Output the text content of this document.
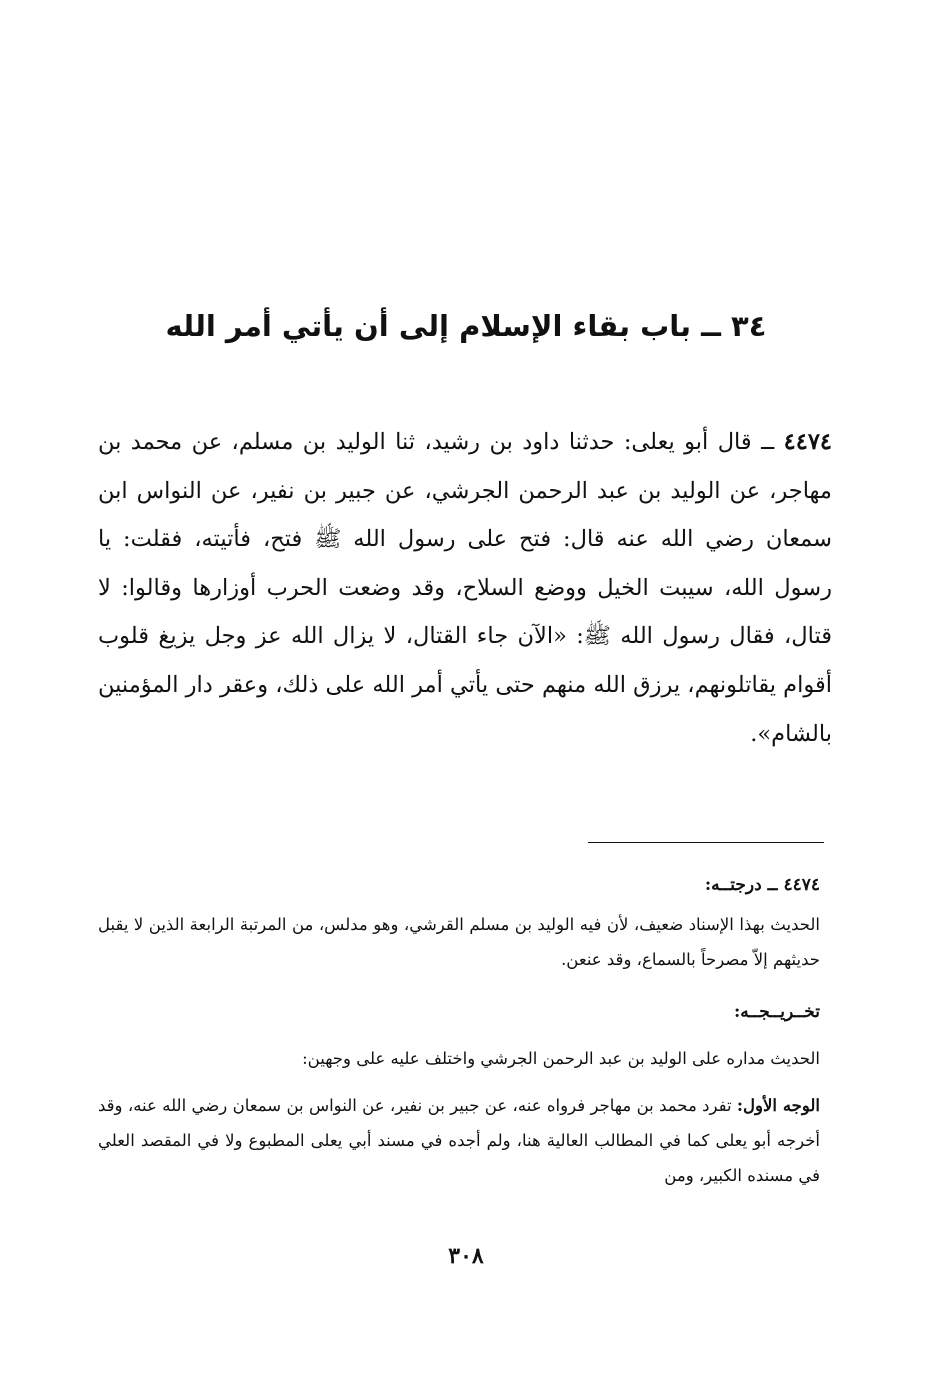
٣٤ ــ باب بقاء الإسلام إلى أن يأتي أمر الله

٤٤٧٤ ــ قال أبو يعلى: حدثنا داود بن رشيد، ثنا الوليد بن مسلم، عن محمد بن مهاجر، عن الوليد بن عبد الرحمن الجرشي، عن جبير بن نفير، عن النواس ابن سمعان رضي الله عنه قال: فتح على رسول الله ﷺ فتح، فأتيته، فقلت: يا رسول الله، سيبت الخيل ووضع السلاح، وقد وضعت الحرب أوزارها وقالوا: لا قتال، فقال رسول الله ﷺ: «الآن جاء القتال، لا يزال الله عز وجل يزيغ قلوب أقوام يقاتلونهم، يرزق الله منهم حتى يأتي أمر الله على ذلك، وعقر دار المؤمنين بالشام».

٤٤٧٤ ــ درجتــه:

الحديث بهذا الإسناد ضعيف، لأن فيه الوليد بن مسلم القرشي، وهو مدلس، من المرتبة الرابعة الذين لا يقبل حديثهم إلاّ مصرحاً بالسماع، وقد عنعن.

تخــريــجــه:

الحديث مداره على الوليد بن عبد الرحمن الجرشي واختلف عليه على وجهين:

الوجه الأول: تفرد محمد بن مهاجر فرواه عنه، عن جبير بن نفير، عن النواس بن سمعان رضي الله عنه، وقد أخرجه أبو يعلى كما في المطالب العالية هنا، ولم أجده في مسند أبي يعلى المطبوع ولا في المقصد العلي في مسنده الكبير، ومن

٣٠٨
